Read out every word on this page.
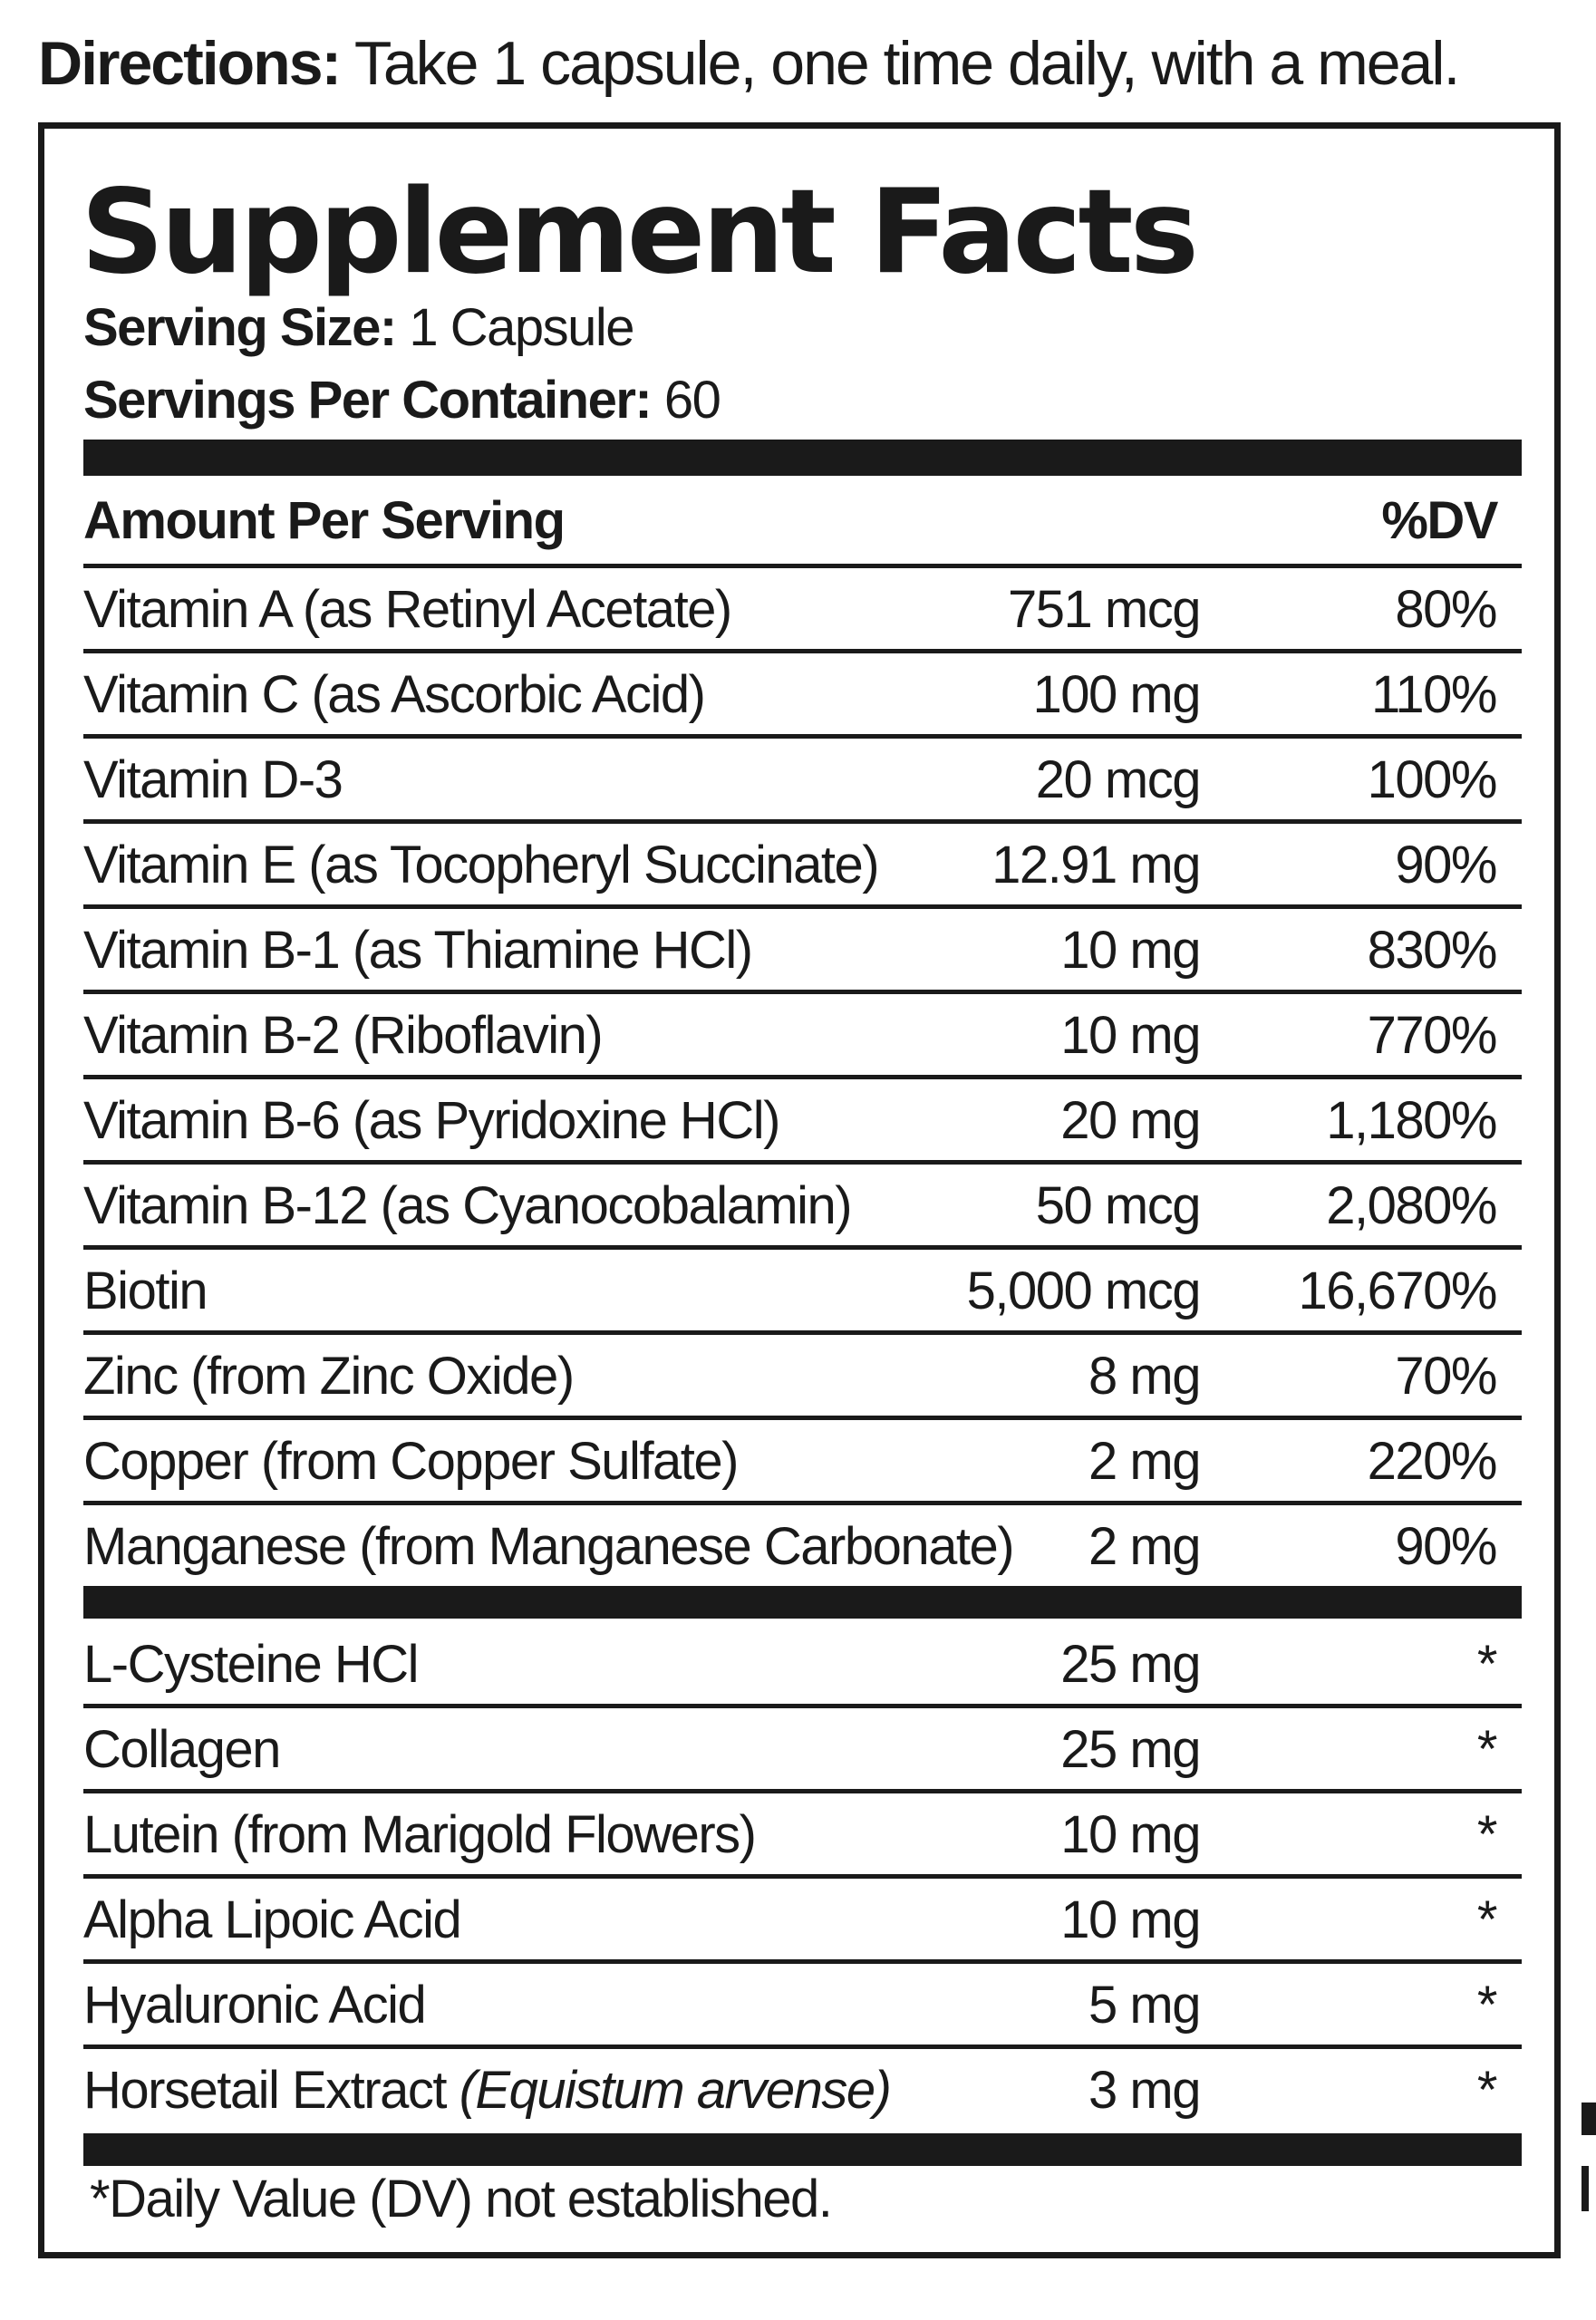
Directions: Take 1 capsule, one time daily, with a meal.
Supplement Facts
Serving Size: 1 Capsule
Servings Per Container: 60
Amount Per Serving	%DV
Vitamin A (as Retinyl Acetate)	751 mcg	80%
Vitamin C (as Ascorbic Acid)	100 mg	110%
Vitamin D-3	20 mcg	100%
Vitamin E (as Tocopheryl Succinate) 12.91 mg	90%
Vitamin B-1 (as Thiamine HCl)	10 mg	830%
Vitamin B-2 (Riboflavin)	10 mg	770%
Vitamin B-6 (as Pyridoxine HCl)	20 mg 1,180%
Vitamin B-12 (as Cyanocobalamin)	50 mcg 2,080%
Biotin	5,000 mcg 16,670%
Zinc (from Zinc Oxide)	8 mg	70%
Copper (from Copper Sulfate)	2 mg	220%
Manganese (from Manganese Carbonate) 2 mg	90%
L-Cysteine HCl	25 mg	*
Collagen	25 mg	*
Lutein (from Marigold Flowers)	10 mg	*
Alpha Lipoic Acid	10 mg	*
Hyaluronic Acid	5 mg	*
Horsetail Extract (Equistum arvense)	3 mg	*
*Daily Value (DV) not established.
